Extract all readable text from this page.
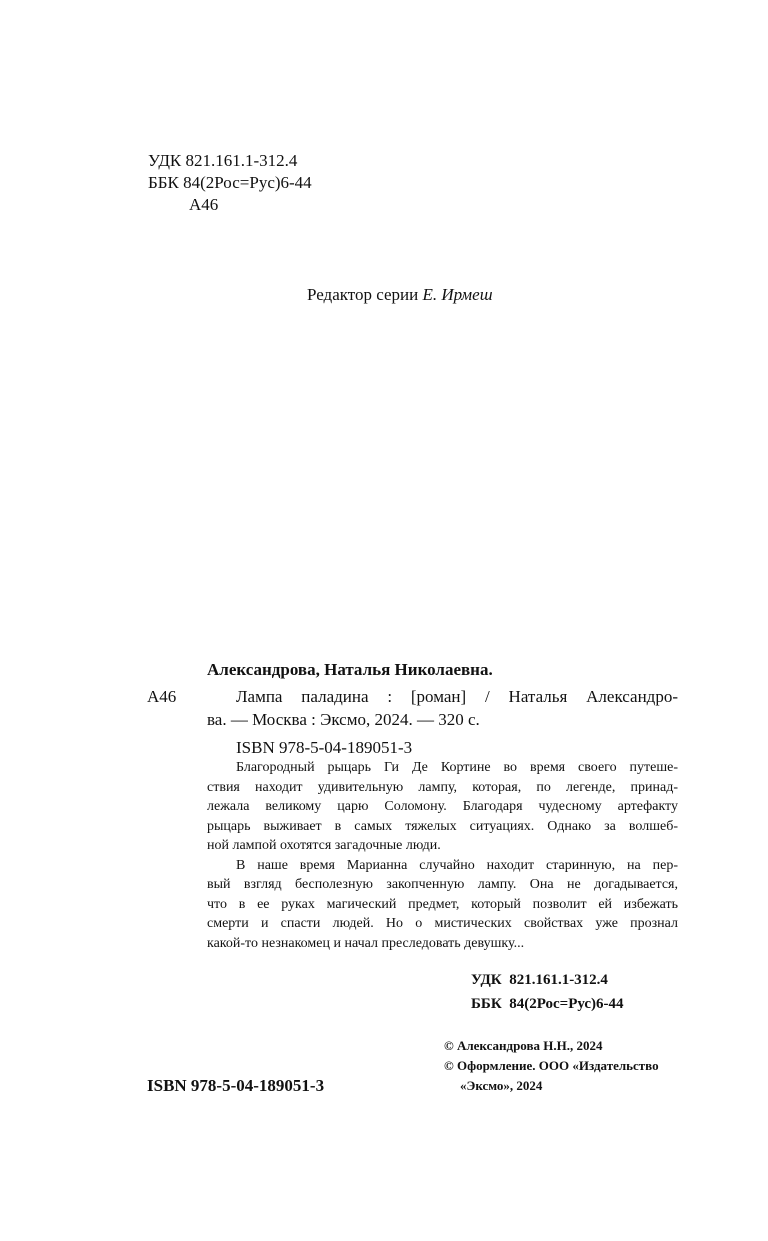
УДК 821.161.1-312.4
ББК 84(2Рос=Рус)6-44
А46
Редактор серии Е. Ирмеш
Александрова, Наталья Николаевна.
А46	Лампа паладина : [роман] / Наталья Александро-
ва. — Москва : Эксмо, 2024. — 320 с.
ISBN 978-5-04-189051-3

Благородный рыцарь Ги Де Кортине во время своего путеше-
ствия находит удивительную лампу, которая, по легенде, принад-
лежала великому царю Соломону. Благодаря чудесному артефакту
рыцарь выживает в самых тяжелых ситуациях. Однако за волшеб-
ной лампой охотятся загадочные люди.

В наше время Марианна случайно находит старинную, на пер-
вый взгляд бесполезную закопченную лампу. Она не догадывается,
что в ее руках магический предмет, который позволит ей избежать
смерти и спасти людей. Но о мистических свойствах уже прознал
какой-то незнакомец и начал преследовать девушку...

УДК  821.161.1-312.4
ББК  84(2Рос=Рус)6-44
© Александрова Н.Н., 2024
© Оформление. ООО «Издательство
«Эксмо», 2024
ISBN 978-5-04-189051-3
